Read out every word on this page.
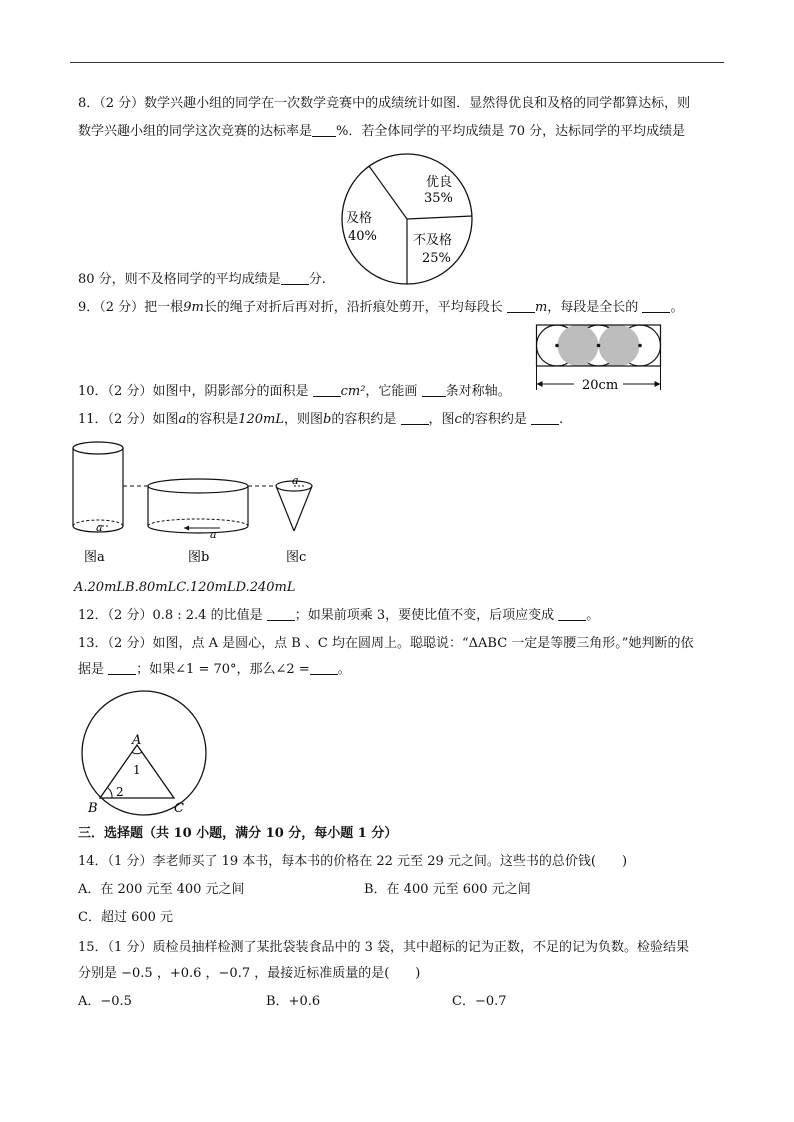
8．（2 分）数学兴趣小组的同学在一次数学竞赛中的成绩统计如图．显然得优良和及格的同学都算达标，则
数学兴趣小组的同学这次竞赛的达标率是 %．若全体同学的平均成绩是 70 分，达标同学的平均成绩是
优良
35%
及格
40%	不及格
25%
80 分，则不及格同学的平均成绩是 分.
9．（2 分）把一根9m长的绳子对折后再对折，沿折痕处剪开，平均每段长 m，每段是全长的 。
20cm
10．（2 分）如图中，阴影部分的面积是 cm²，它能画 条对称轴。
11．（2 分）如图a的容积是120mL，则图b的容积约是 ，图c的容积约是 .
a
a
a
图a	图b	图c
A.20mLB.80mLC.120mLD.240mL
12．（2 分）0.8 : 2.4 的比值是 ；如果前项乘 3，要使比值不变，后项应变成 。
13．（2 分）如图，点 A 是圆心，点 B 、C 均在圆周上。聪聪说：“ΔABC 一定是等腰三角形。”她判断的依
据是 ；如果∠1 = 70°，那么∠2 = 。
A
1
2
B	C
三．选择题（共 10 小题，满分 10 分，每小题 1 分）
14．（1 分）李老师买了 19 本书，每本书的价格在 22 元至 29 元之间。这些书的总价钱(　　)
A．在 200 元至 400 元之间	B．在 400 元至 600 元之间
C．超过 600 元
15．（1 分）质检员抽样检测了某批袋装食品中的 3 袋，其中超标的记为正数，不足的记为负数。检验结果
分别是 −0.5 ，+0.6 ，−0.7 ，最接近标准质量的是(　　)
A．−0.5	B．+0.6	C．−0.7
